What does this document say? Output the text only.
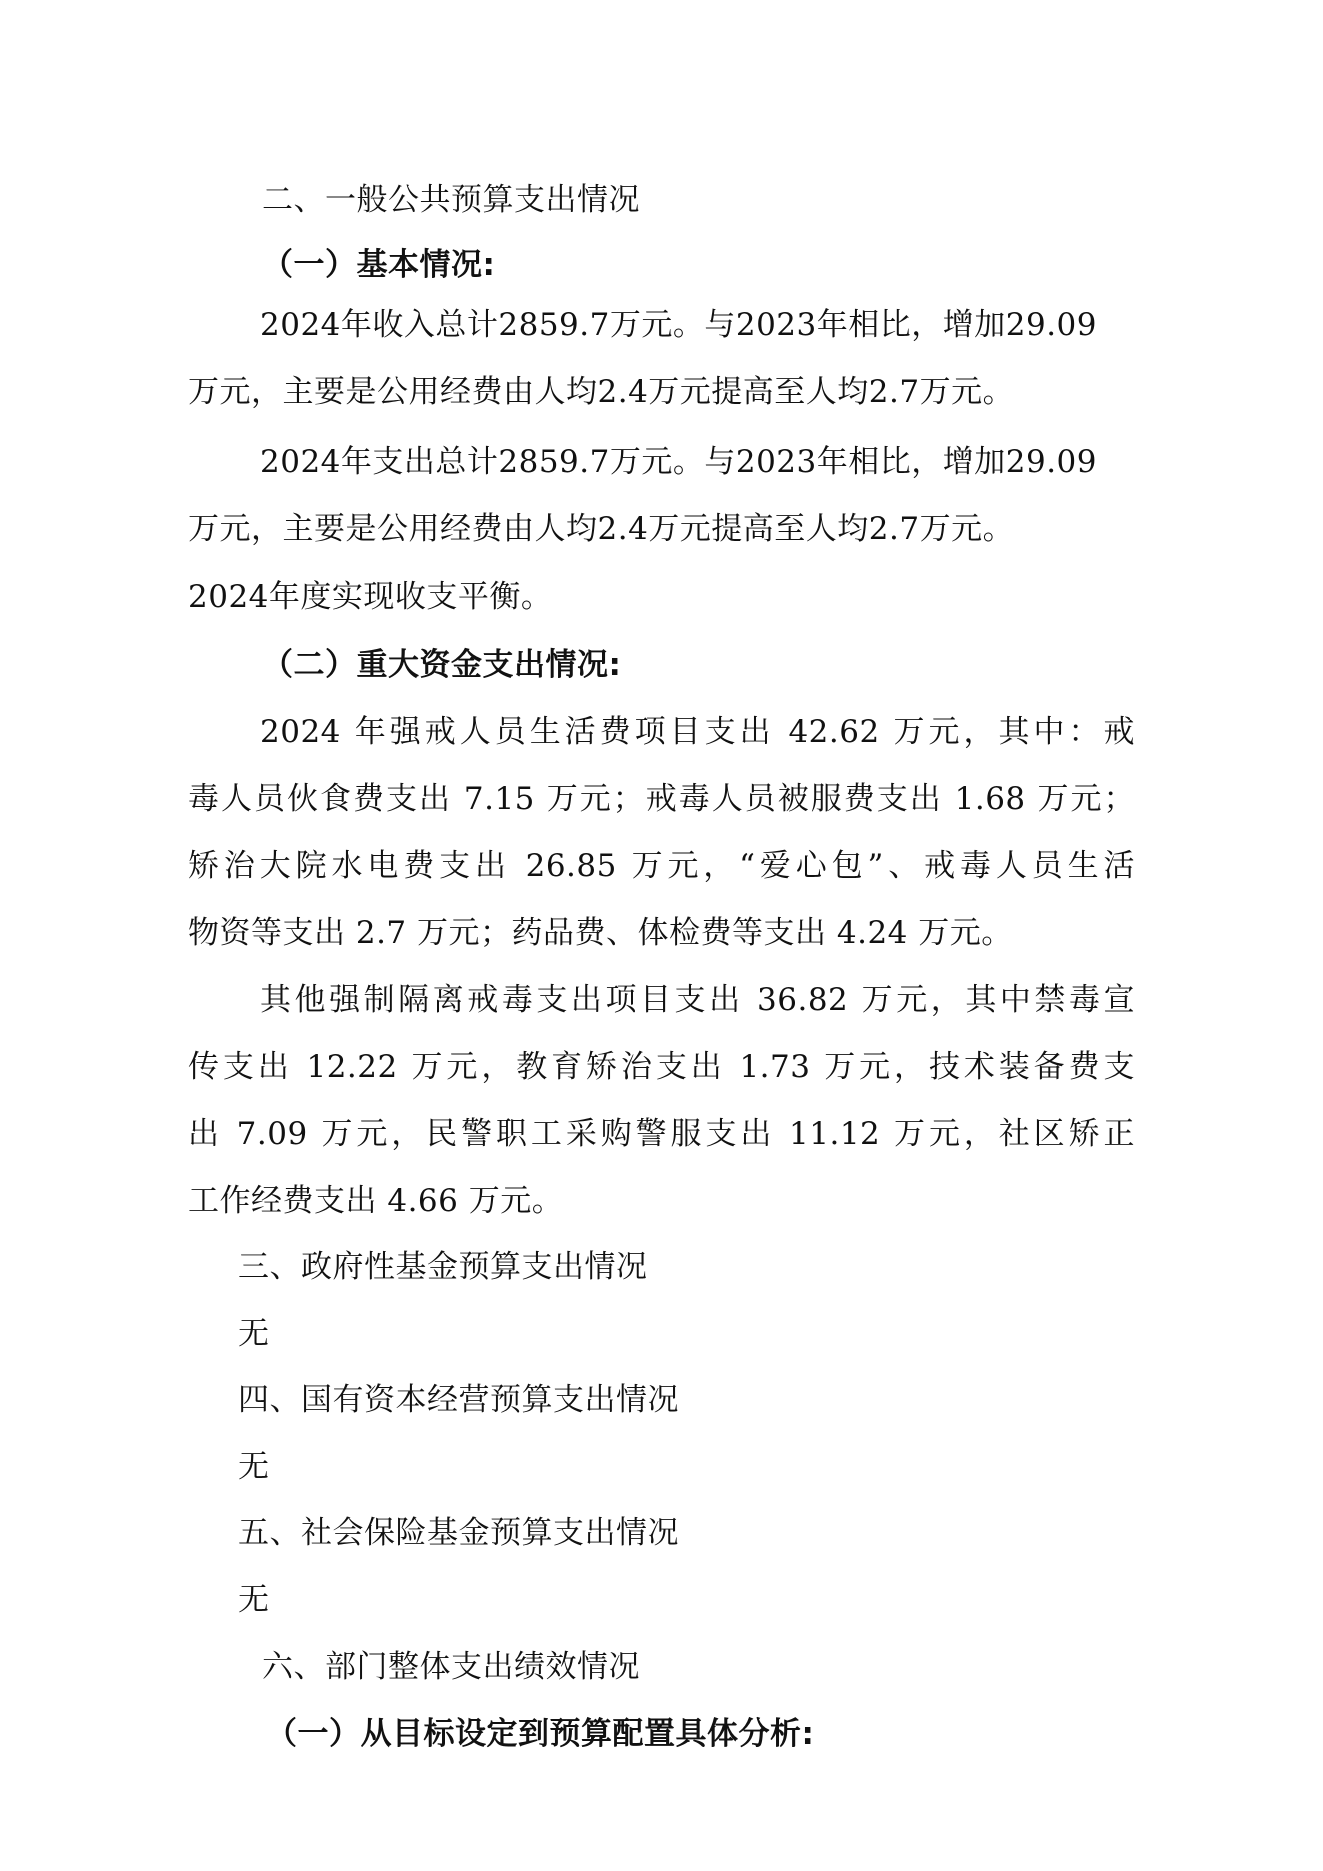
二、一般公共预算支出情况
（一）基本情况:
2024年收入总计2859.7万元。与2023年相比，增加29.09
万元，主要是公用经费由人均2.4万元提高至人均2.7万元。
2024年支出总计2859.7万元。与2023年相比，增加29.09
万元，主要是公用经费由人均2.4万元提高至人均2.7万元。
2024年度实现收支平衡。
（二）重大资金支出情况:
2024 年强戒人员生活费项目支出 42.62 万元，其中：戒
毒人员伙食费支出 7.15 万元；戒毒人员被服费支出 1.68 万元；
矫治大院水电费支出 26.85 万元，“爱心包”、戒毒人员生活
物资等支出 2.7 万元；药品费、体检费等支出 4.24 万元。
其他强制隔离戒毒支出项目支出 36.82 万元，其中禁毒宣
传支出 12.22 万元，教育矫治支出 1.73 万元，技术装备费支
出 7.09 万元，民警职工采购警服支出 11.12 万元，社区矫正
工作经费支出 4.66 万元。
三、政府性基金预算支出情况
无
四、国有资本经营预算支出情况
无
五、社会保险基金预算支出情况
无
六、部门整体支出绩效情况
（一）从目标设定到预算配置具体分析:
